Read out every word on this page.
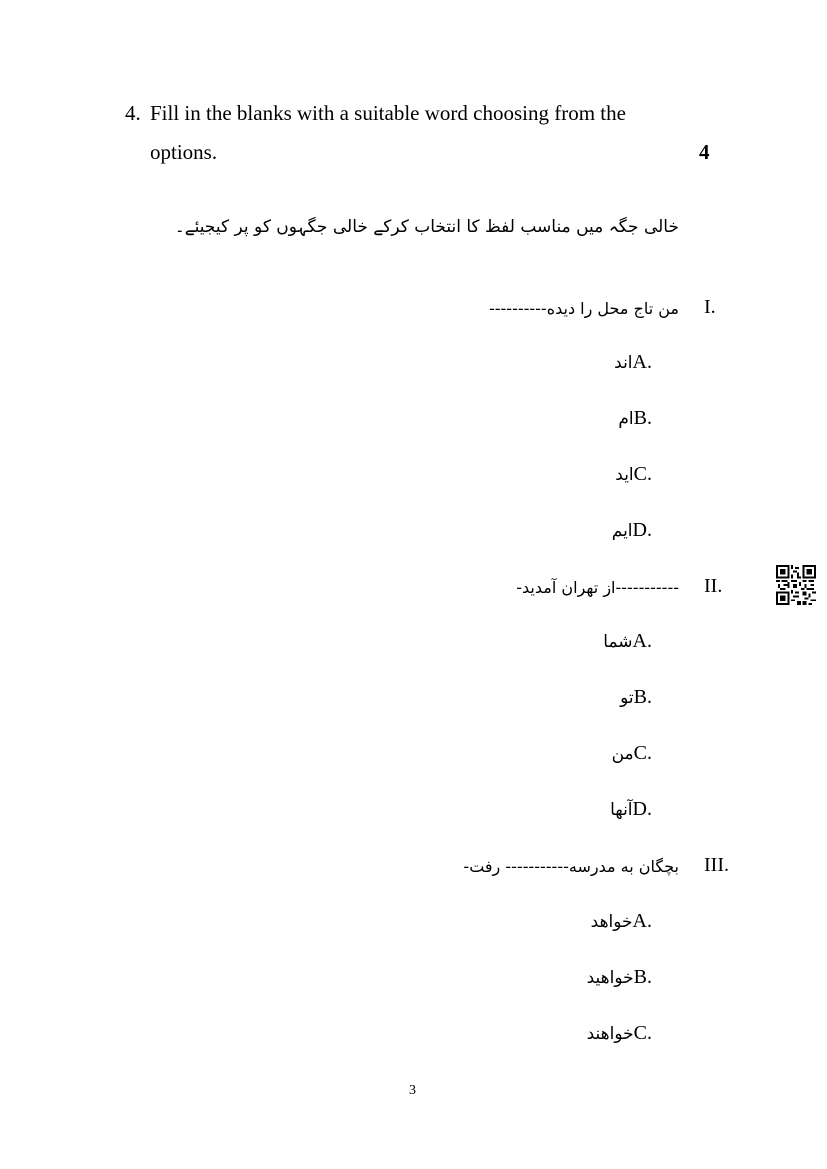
4. Fill in the blanks with a suitable word choosing from the
options.	4
خالی جگہ میں مناسب لفظ کا انتخاب کرکے خالی جگہوں کو پر کیجیئے۔
I.
من تاج محل را دیده----------
اندA.
امB.
ایدC.
ایمD.
II.
-----------از تهران آمدید-
شماA.
توB.
منC.
آنهاD.
III.
بچگان به مدرسه----------- رفت-
خواهدA.
خواهیدB.
خواهندC.
3
